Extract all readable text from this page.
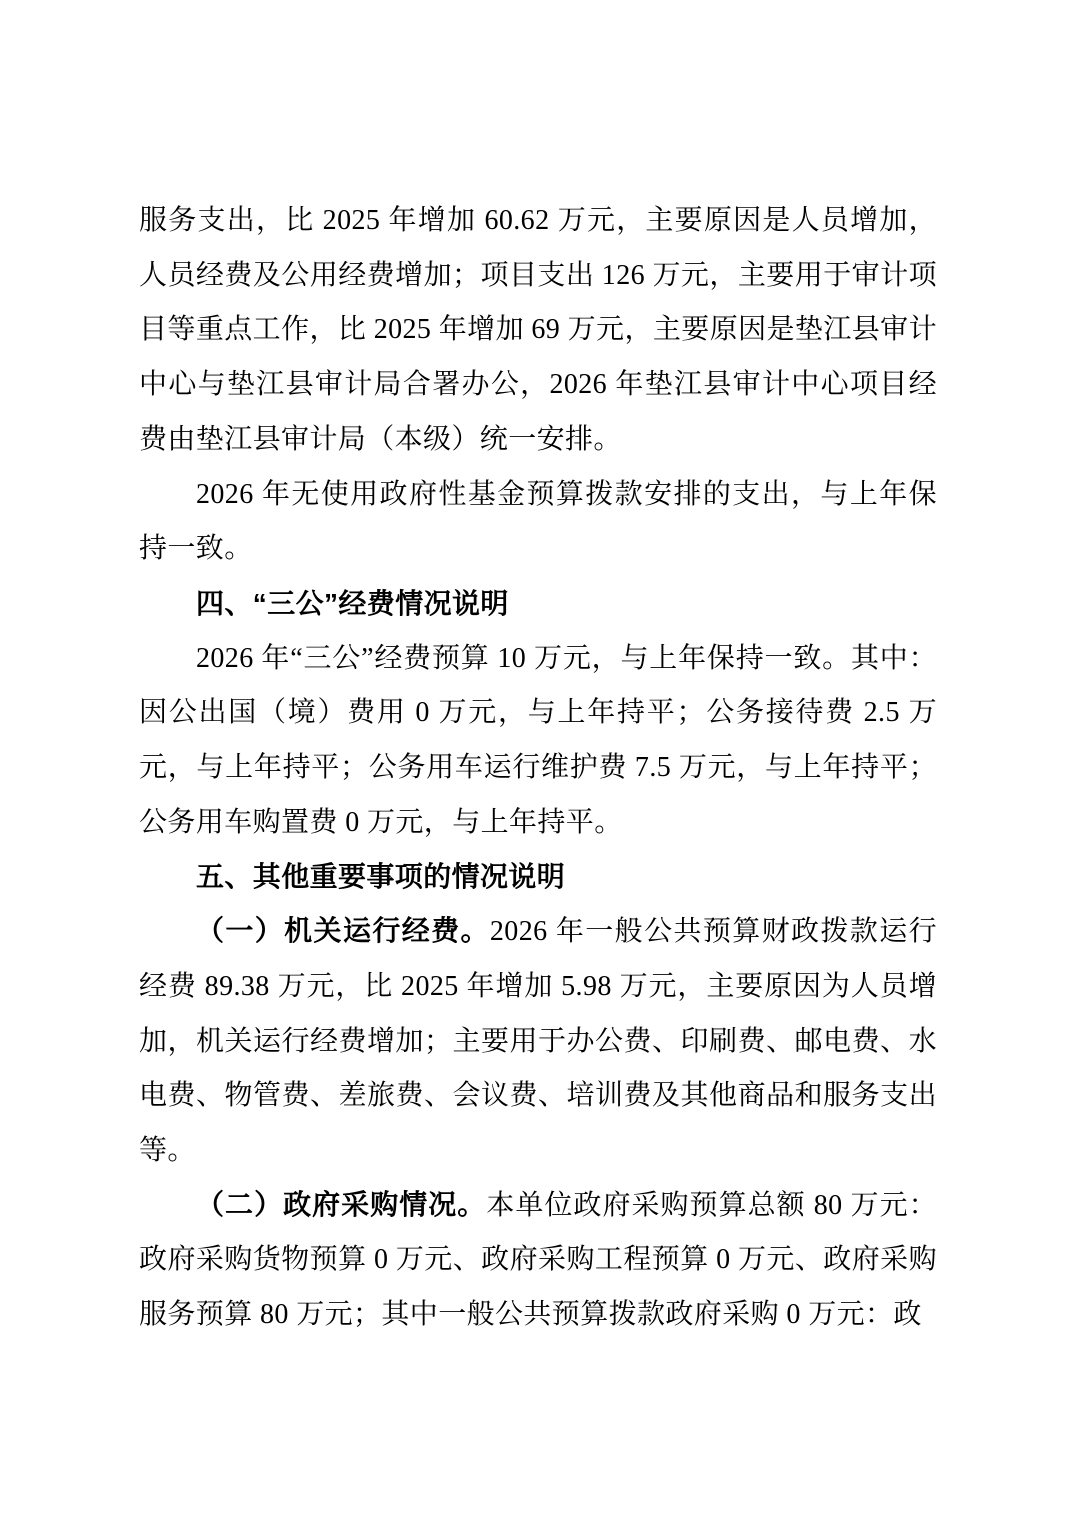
服务支出，比 2025 年增加 60.62 万元，主要原因是人员增加，人员经费及公用经费增加；项目支出 126 万元，主要用于审计项目等重点工作，比 2025 年增加 69 万元，主要原因是垫江县审计中心与垫江县审计局合署办公，2026 年垫江县审计中心项目经费由垫江县审计局（本级）统一安排。

2026 年无使用政府性基金预算拨款安排的支出，与上年保持一致。

四、“三公”经费情况说明

2026 年“三公”经费预算 10 万元，与上年保持一致。其中：因公出国（境）费用 0 万元，与上年持平；公务接待费 2.5 万元，与上年持平；公务用车运行维护费 7.5 万元，与上年持平；公务用车购置费 0 万元，与上年持平。

五、其他重要事项的情况说明

（一）机关运行经费。2026 年一般公共预算财政拨款运行经费 89.38 万元，比 2025 年增加 5.98 万元，主要原因为人员增加，机关运行经费增加；主要用于办公费、印刷费、邮电费、水电费、物管费、差旅费、会议费、培训费及其他商品和服务支出等。

（二）政府采购情况。本单位政府采购预算总额 80 万元：政府采购货物预算 0 万元、政府采购工程预算 0 万元、政府采购服务预算 80 万元；其中一般公共预算拨款政府采购 0 万元：政
